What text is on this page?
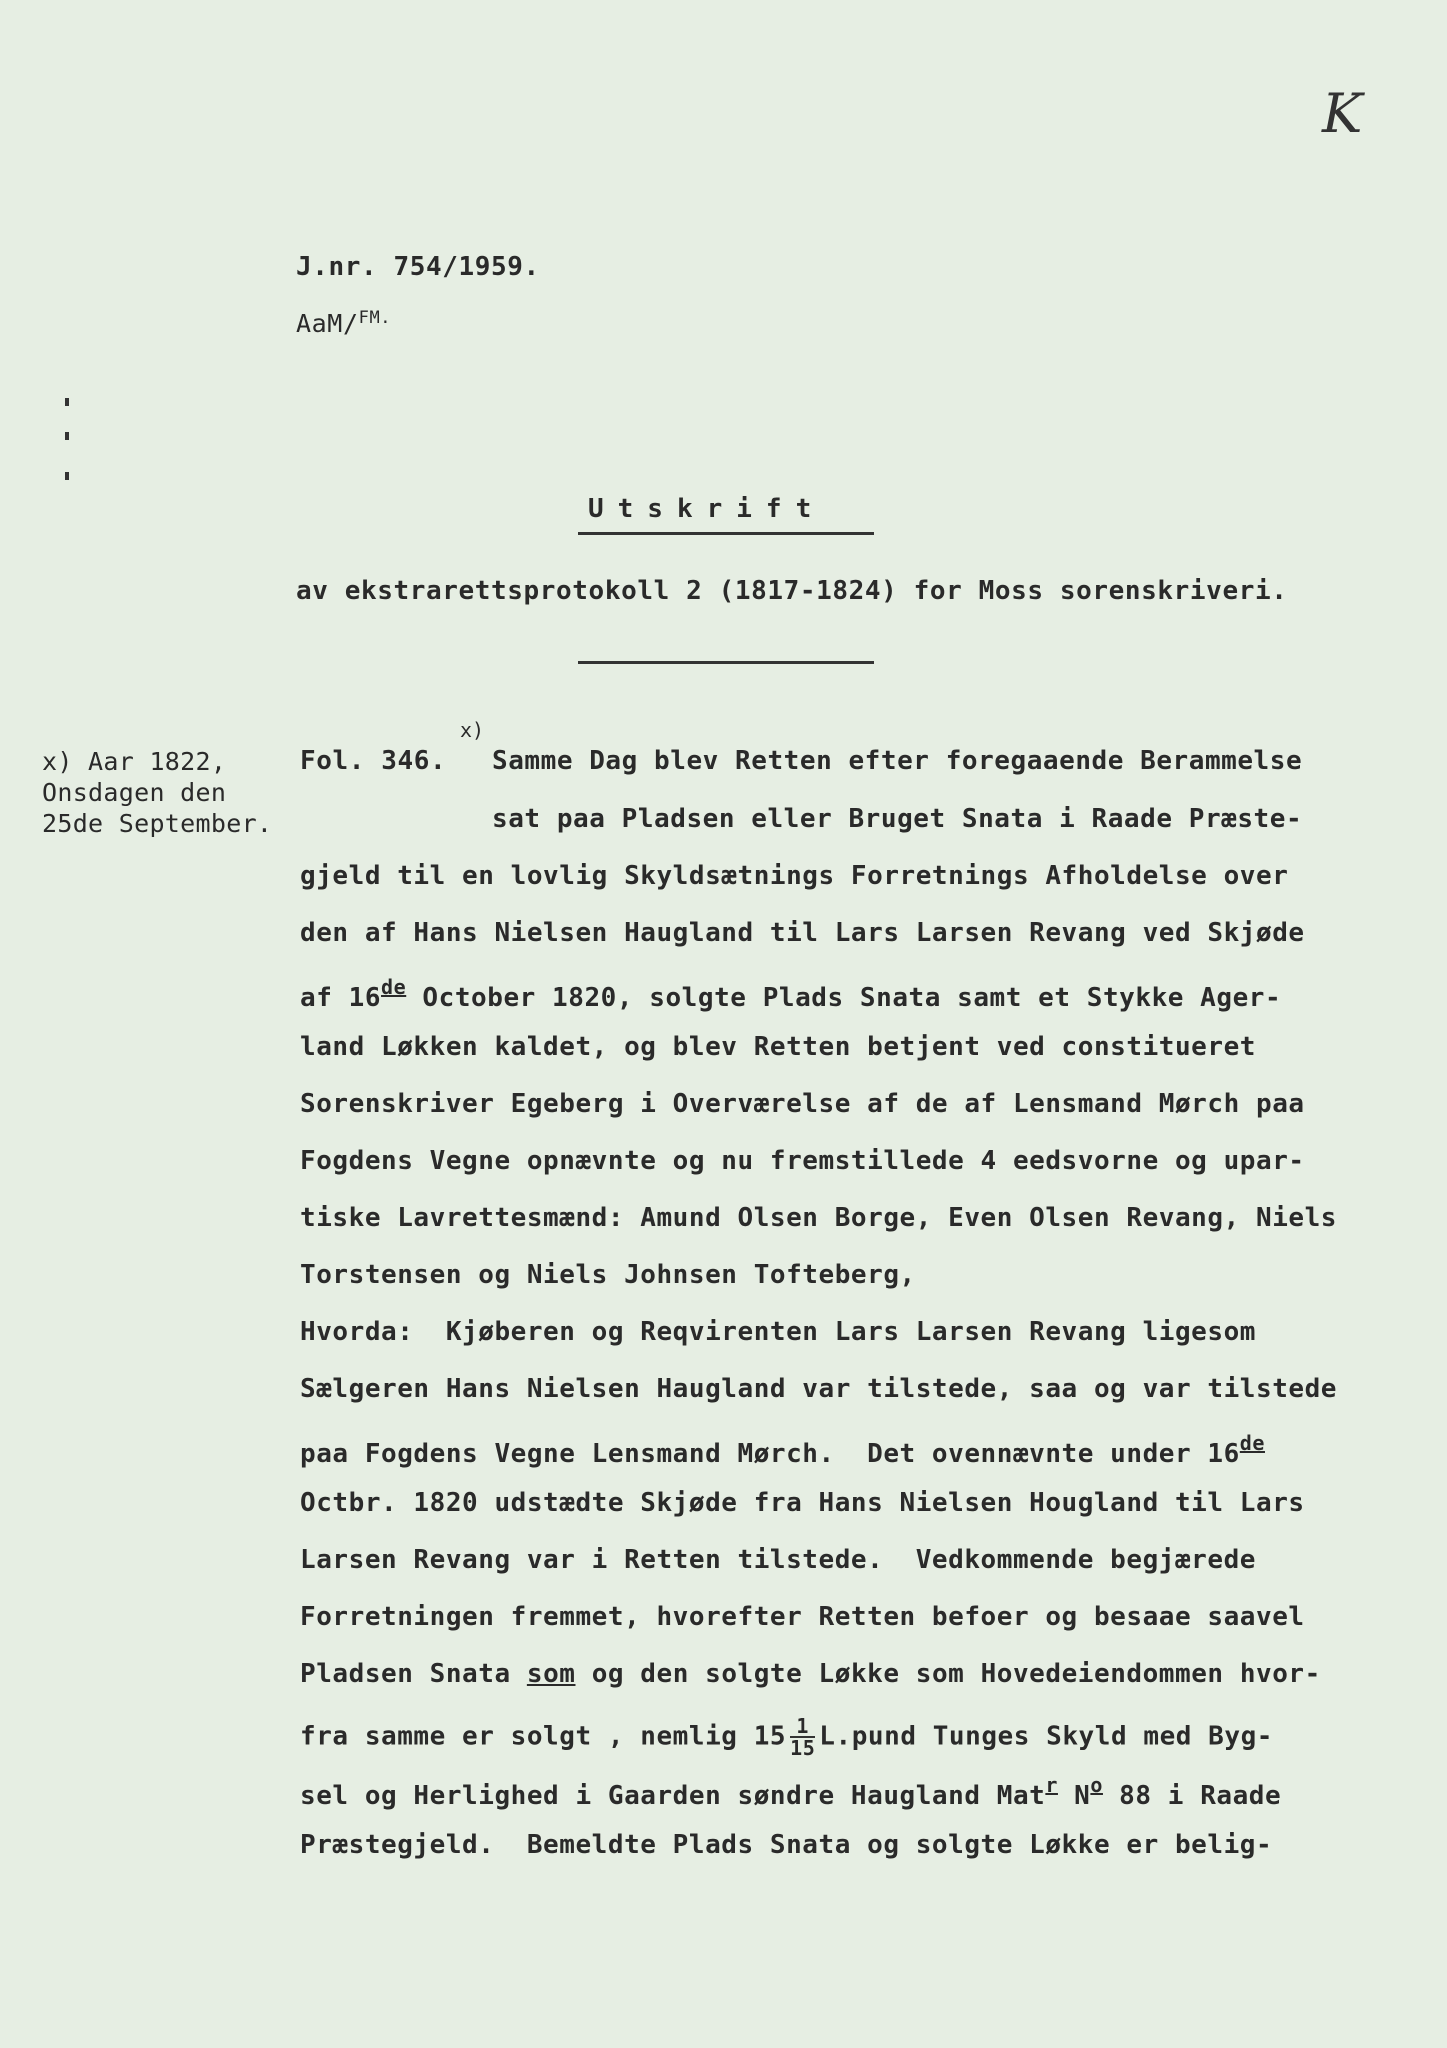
K
J.nr. 754/1959.
AaM/$^{FM.}$
Utskrift
av ekstrarettsprotokoll 2 (1817-1824) for Moss sorenskriveri.
x) Aar 1822,
Onsdagen den
25de September.
Fol. 346.
x)
Samme Dag blev Retten efter foregaaende Berammelse
sat paa Pladsen eller Bruget Snata i Raade Præste-
gjeld til en lovlig Skyldsætnings Forretnings Afholdelse over
den af Hans Nielsen Haugland til Lars Larsen Revang ved Skjøde
af 16de October 1820, solgte Plads Snata samt et Stykke Ager-
land Løkken kaldet, og blev Retten betjent ved constitueret
Sorenskriver Egeberg i Overværelse af de af Lensmand Mørch paa
Fogdens Vegne opnævnte og nu fremstillede 4 eedsvorne og upar-
tiske Lavrettesmænd: Amund Olsen Borge, Even Olsen Revang, Niels
Torstensen og Niels Johnsen Tofteberg,
Hvorda:  Kjøberen og Reqvirenten Lars Larsen Revang ligesom
Sælgeren Hans Nielsen Haugland var tilstede, saa og var tilstede
paa Fogdens Vegne Lensmand Mørch.  Det ovennævnte under 16de
Octbr. 1820 udstædte Skjøde fra Hans Nielsen Hougland til Lars
Larsen Revang var i Retten tilstede.  Vedkommende begjærede
Forretningen fremmet, hvorefter Retten befoer og besaae saavel
Pladsen Snata som og den solgte Løkke som Hovedeiendommen hvor-
fra samme er solgt , nemlig $15 \frac{1}{15}$ L.pund Tunges Skyld med Byg-
sel og Herlighed i Gaarden søndre Haugland Mat$^r$ $N^o$ 88 i Raade
Præstegjeld.  Bemeldte Plads Snata og solgte Løkke er belig-
